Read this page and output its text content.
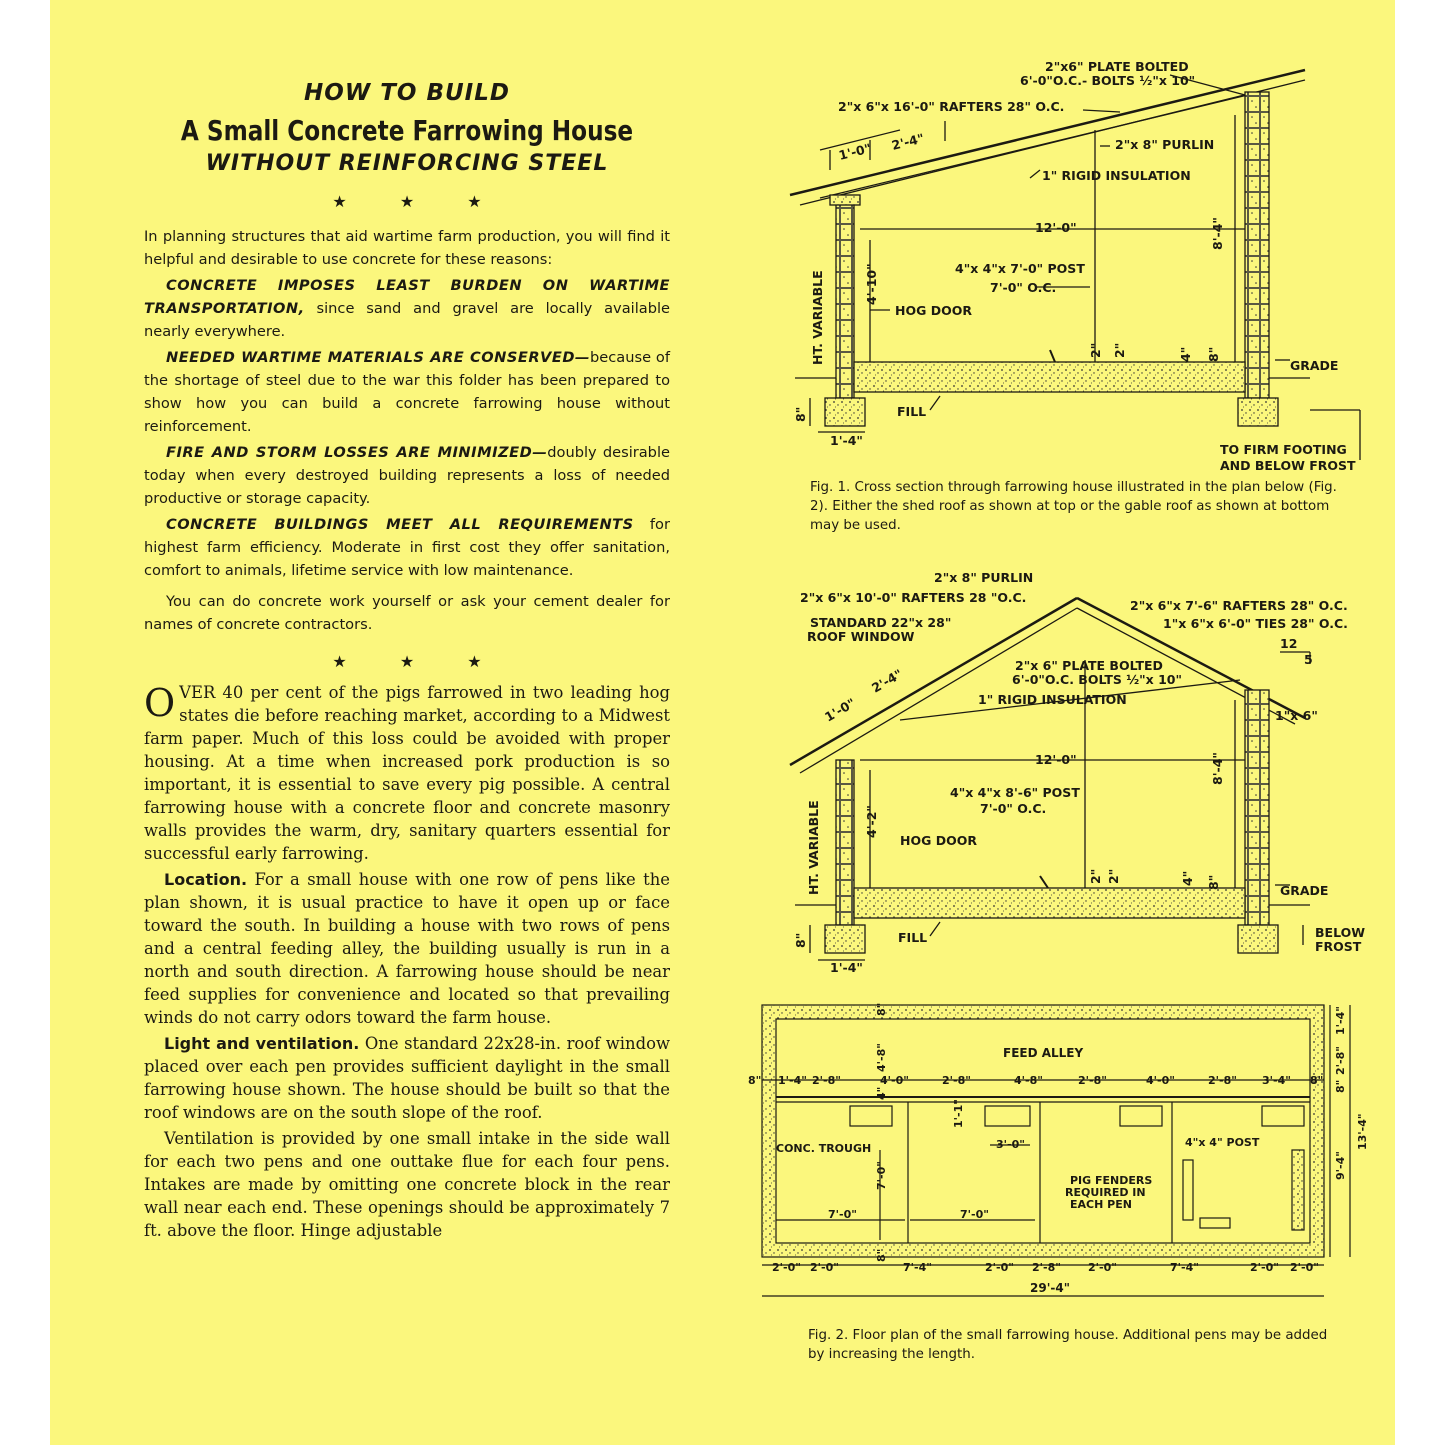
HOW TO BUILD
A Small Concrete Farrowing House
WITHOUT REINFORCING STEEL
★ ★ ★

In planning structures that aid wartime farm production, you will find it helpful and desirable to use concrete for these reasons:

CONCRETE IMPOSES LEAST BURDEN ON WARTIME TRANSPORTATION, since sand and gravel are locally available nearly everywhere.

NEEDED WARTIME MATERIALS ARE CONSERVED—because of the shortage of steel due to the war this folder has been prepared to show how you can build a concrete farrowing house without reinforcement.

FIRE AND STORM LOSSES ARE MINIMIZED—doubly desirable today when every destroyed building represents a loss of needed productive or storage capacity.

CONCRETE BUILDINGS MEET ALL REQUIREMENTS for highest farm efficiency. Moderate in first cost they offer sanitation, comfort to animals, lifetime service with low maintenance.

You can do concrete work yourself or ask your cement dealer for names of concrete contractors.

★ ★ ★

OVER 40 per cent of the pigs farrowed in two leading hog states die before reaching market, according to a Midwest farm paper. Much of this loss could be avoided with proper housing. At a time when increased pork production is so important, it is essential to save every pig possible. A central farrowing house with a concrete floor and concrete masonry walls provides the warm, dry, sanitary quarters essential for successful early farrowing.

Location. For a small house with one row of pens like the plan shown, it is usual practice to have it open up or face toward the south. In building a house with two rows of pens and a central feeding alley, the building usually is run in a north and south direction. A farrowing house should be near feed supplies for convenience and located so that prevailing winds do not carry odors toward the farm house.

Light and ventilation. One standard 22x28-in. roof window placed over each pen provides sufficient daylight in the small farrowing house shown. The house should be built so that the roof windows are on the south slope of the roof.

Ventilation is provided by one small intake in the side wall for each two pens and one outtake flue for each four pens. Intakes are made by omitting one concrete block in the rear wall near each end. These openings should be approximately 7 ft. above the floor. Hinge adjustable

2"x6" PLATE BOLTED
6'-0"O.C.- BOLTS ½"x 10"
2"x 6"x 16'-0" RAFTERS 28" O.C.
2"x 8" PURLIN
1" RIGID INSULATION
1'-0" 2'-4"
12'-0"	8'-4"
4"x 4"x 7'-0" POST
7'-0" O.C.
4'-10"
HT. VARIABLE	HOG DOOR
GRADE
FILL
8"
1'-4"
2" 2"	4" 8"
TO FIRM FOOTING
AND BELOW FROST
2"x 8" PURLIN
2"x 6"x 10'-0" RAFTERS 28 "O.C.
2"x 6"x 7'-6" RAFTERS 28" O.C.
1"x 6"x 6'-0" TIES 28" O.C.
STANDARD 22"x 28"
ROOF WINDOW	12
5
2"x 6" PLATE BOLTED
6'-0"O.C. BOLTS ½"x 10"
1" RIGID INSULATION
1"x 6"
1'-0"
2'-4"
12'-0"	8'-4"
4"x 4"x 8'-6" POST
7'-0" O.C.
4'-2"
HT. VARIABLE	HOG DOOR
GRADE
FILL	BELOW
FROST
8"
1'-4"
2" 2"	4" 8"
FEED ALLEY
4'-8"
8"
8"
4"
8" 1'-4" 2'-8"	4'-0"	2'-8"	4'-8"	2'-8"	4'-0"	2'-8" 3'-4" 8"
CONC. TROUGH
1'-1"
4"x 4" POST
3'-0"
7'-0"
7'-0"	7'-0"
PIG FENDERS
REQUIRED IN
EACH PEN
2'-0" 2'-0"	7'-4"	2'-0" 2'-8" 2'-0"	7'-4"	2'-0" 2'-0"
29'-4"
1'-4"
2'-8"
8"
9'-4"
13'-4"
Fig. 1. Cross section through farrowing house illustrated in the plan below (Fig. 2). Either the shed roof as shown at top or the gable roof as shown at bottom may be used.
Fig. 2. Floor plan of the small farrowing house. Additional pens may be added by increasing the length.
